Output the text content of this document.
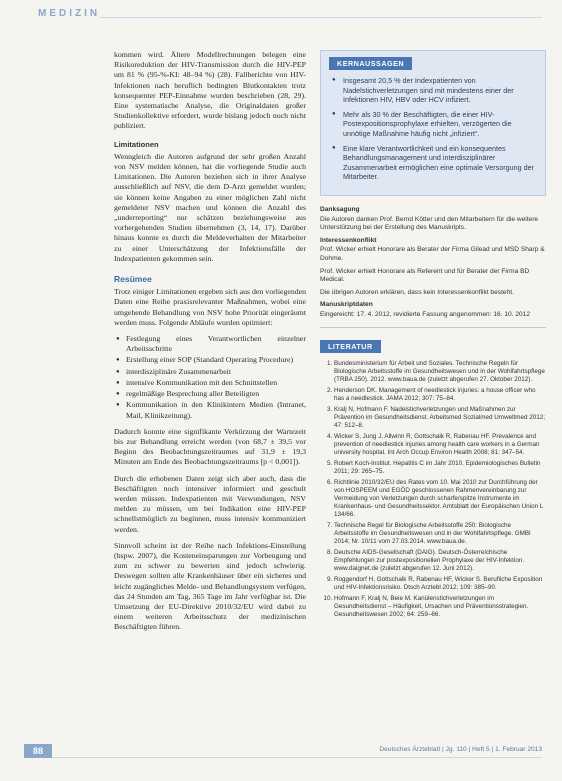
MEDIZIN

kommen wird. Ältere Modellrechnungen belegen eine Risikoreduktion der HIV-Transmission durch die HIV-PEP um 81 % (95-%-KI: 48–94 %) (28). Fallberichte von HIV-Infektionen nach beruflich bedingten Blutkontakten trotz konsequenter PEP-Einnahme wurden beschrieben (28, 29). Eine systematische Analyse, die Originaldaten großer Studienkollektive erfordert, wurde bislang jedoch noch nicht publiziert.

Limitationen

Wenngleich die Autoren aufgrund der sehr großen Anzahl von NSV melden können, hat die vorliegende Studie auch Limitationen. Die Autoren beziehen sich in ihrer Analyse ausschließlich auf NSV, die dem D-Arzt gemeldet wurden; sie können keine Angaben zu einer möglichen Zahl nicht gemeldeter NSV machen und können die Anzahl des „underreporting“ nur schätzen beziehungsweise aus vorhergehenden Studien übernehmen (3, 14, 17). Darüber hinaus konnte es durch die Meldeverhalten der Mitarbeiter zu einer Unterschätzung der Infektionsfälle der Indexpatienten gekommen sein.

Resümee

Trotz einiger Limitationen ergeben sich aus den vorliegenden Daten eine Reihe praxisrelevanter Maßnahmen, wobei eine umgehende Behandlung von NSV hohe Priorität eingeräumt werden muss. Folgende Abläufe wurden optimiert:

● Festlegung eines Verantwortlichen einzelner Arbeitsschritte
● Erstellung einer SOP (Standard Operating Procedure)
● interdisziplinäre Zusammenarbeit
● intensive Kommunikation mit den Schnittstellen
● regelmäßige Besprechung aller Beteiligten
● Kommunikation in den Klinikintern Medien (Intranet, Mail, Klinikzeitung).

Dadurch konnte eine signifikante Verkürzung der Wartezeit bis zur Behandlung erreicht werden (von 68,7 ± 39,5 vor Beginn des Beobachtungszeitraumes auf 31,9 ± 19,3 Minuten am Ende des Beobachtungszeitraums [p < 0,001]).

Durch die erhobenen Daten zeigt sich aber auch, dass die Beschäftigten noch intensiver informiert und geschult werden müssen. Indexpatienten mit Verwundungen, NSV melden zu müssen, um bei Indikation eine HIV-PEP schnellstmöglich zu beginnen, muss intensiv kommuniziert werden.

Sinnvoll scheint ist der Reihe nach Infektions-Einstellung (bspw. 2007), die Kosteneinsparungen zur Vorbeugung und zum zu schwer zu bewerten sind jedoch schwierig. Deswegen sollten alle Krankenhäuser über ein sicheres und leicht zugängliches Melde- und Behandlungsystem verfügen, das 24 Stunden am Tag, 365 Tage im Jahr verfügbar ist. Die Umsetzung der EU-Direktive 2010/32/EU wird dabei zu einem weiteren Arbeitsschutz der medizinischen Beschäftigten führen.

KERNAUSSAGEN
● Insgesamt 20,5 % der Indexpatienten von Nadelstichverletzungen sind mit mindestens einer der Infektionen HIV, HBV oder HCV infiziert.
● Mehr als 30 % der Beschäftigten, die einer HIV-Postexpositionsprophylaxe erhielten, verzögerten die unnötige Maßnahme häufig nicht „infiziert“.
● Eine klare Verantwortlichkeit und ein konsequentes Behandlungsmanagement und interdisziplinärer Zusammenarbeit ermöglichen eine optimale Versorgung der Mitarbeiter.
Danksagung

Die Autoren danken Prof. Bernd Kötter und den Mitarbeitern für die weitere Unterstützung bei der Erstellung des Manuskripts.

Interessenkonflikt

Prof. Wicker erhielt Honorare als Berater der Firma Gilead und MSD Sharp & Dohme.

Prof. Wicker erhielt Honorare als Referent und für Berater der Firma BD Medical.

Die übrigen Autoren erklären, dass kein Interessenkonflikt besteht.

Manuskriptdaten

Eingereicht: 17. 4. 2012, revidierte Fassung angenommen: 16. 10. 2012

LITERATUR
1. Bundesministerium für Arbeit und Soziales. Technische Regeln für Biologische Arbeitsstoffe im Gesundheitswesen und in der Wohlfahrtspflege (TRBA 250). 2012. www.baua.de (zuletzt abgerufen 27. Oktober 2012).
2. Henderson DK. Management of needlestick injuries: a house officer who has a needlestick. JAMA 2012; 307: 75–84.
3. Kralj N, Hofmann F. Nadelstichverletzungen und Maßnahmen zur Prävention im Gesundheitsdienst. Arbeitsmed Sozialmed Umweltmed 2012; 47: 512–8.
4. Wicker S, Jung J, Allwinn R, Gottschalk R, Rabenau HF. Prevalence and prevention of needlestick injuries among health care workers in a German university hospital. Int Arch Occup Environ Health 2008; 81: 347–54.
5. Robert Koch-Institut. Hepatitis C im Jahr 2010. Epidemiologisches Bulletin 2011; 29: 265–75.
6. Richtlinie 2010/32/EU des Rates vom 10. Mai 2010 zur Durchführung der von HOSPEEM und EGÖD geschlossenen Rahmenvereinbarung zur Vermeidung von Verletzungen durch scharfe/spitze Instrumente im Krankenhaus- und Gesundheitssektor. Amtsblatt der Europäischen Union L 134/66.
7. Technische Regel für Biologische Arbeitsstoffe 250: Biologische Arbeitsstoffe im Gesundheitswesen und in der Wohlfahrtspflege. GMBl 2014; Nr. 10/11 vom 27.03.2014. www.baua.de.
8. Deutsche AIDS-Gesellschaft (DAIG). Deutsch-Österreichische Empfehlungen zur postexpositionellen Prophylaxe der HIV-Infektion. www.daignet.de (zuletzt abgerufen 12. Juni 2012).
9. Roggendorf H, Gottschalk R, Rabenau HF, Wicker S. Berufliche Exposition und HIV-Infektionsrisiko. Dtsch Arztebl 2012; 109: 385–90.
10. Hofmann F, Kralj N, Beie M. Kanülenstichverletzungen im Gesundheitsdienst – Häufigkeit, Ursachen und Präventionsstrategien. Gesundheitswesen 2002; 64: 259–66.
88	Deutsches Ärzteblatt | Jg. 110 | Heft 5 | 1. Februar 2013
